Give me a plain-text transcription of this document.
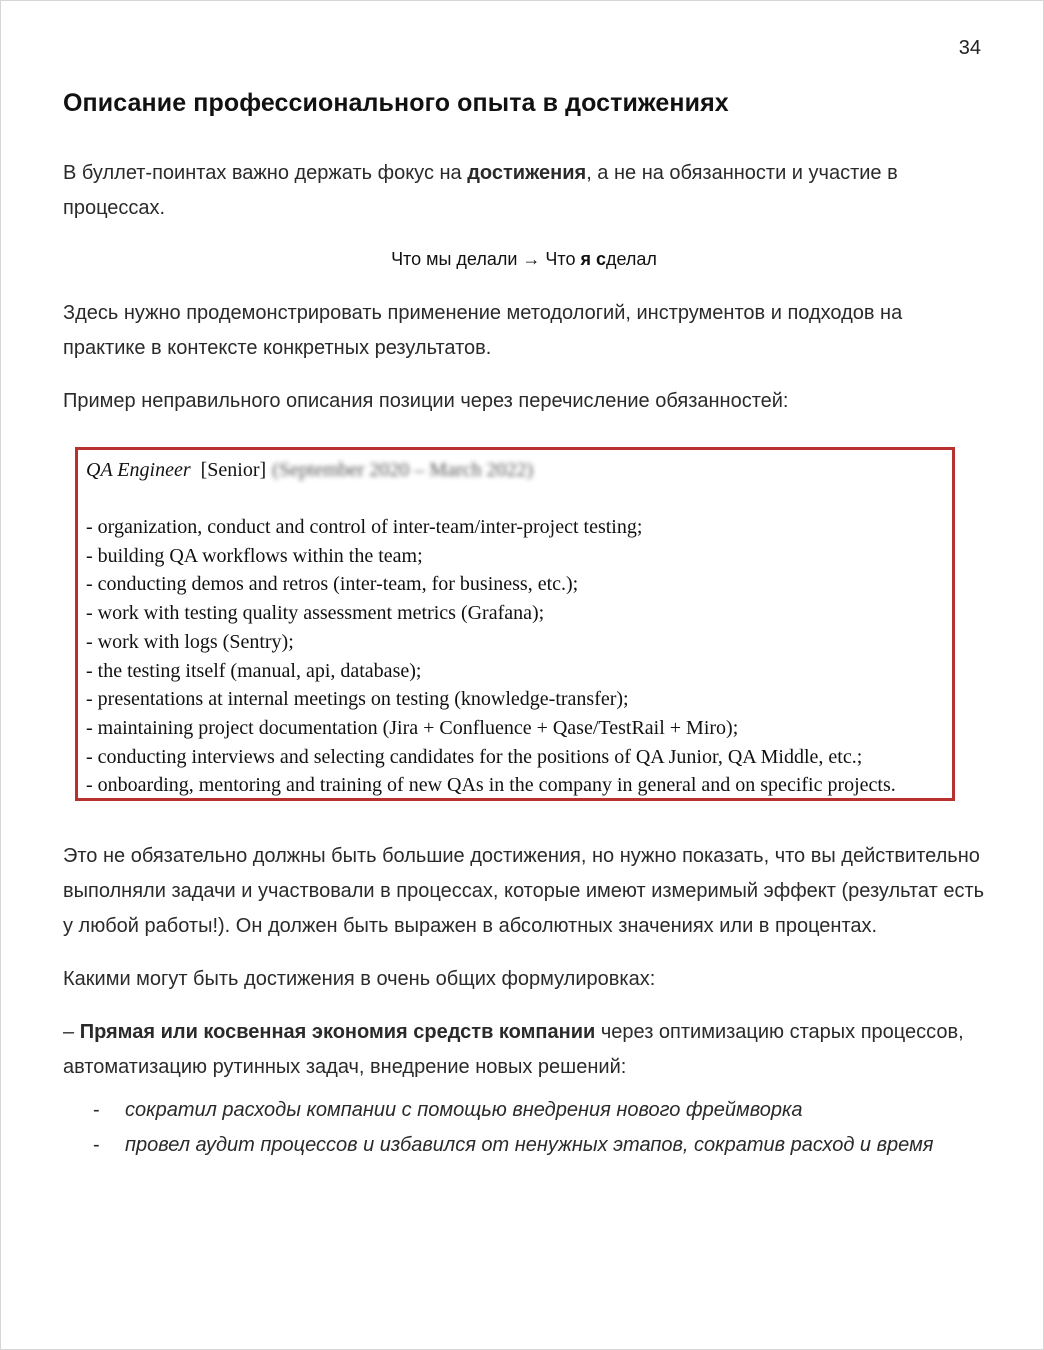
34
Описание профессионального опыта в достижениях

В буллет-поинтах важно держать фокус на достижения, а не на обязанности и участие в процессах.

Что мы делали → Что я сделал

Здесь нужно продемонстрировать применение методологий, инструментов и подходов на практике в контексте конкретных результатов.

Пример неправильного описания позиции через перечисление обязанностей:

QA Engineer [Senior] (September 2020 – March 2022)
- organization, conduct and control of inter-team/inter-project testing;
- building QA workflows within the team;
- conducting demos and retros (inter-team, for business, etc.);
- work with testing quality assessment metrics (Grafana);
- work with logs (Sentry);
- the testing itself (manual, api, database);
- presentations at internal meetings on testing (knowledge-transfer);
- maintaining project documentation (Jira + Confluence + Qase/TestRail + Miro);
- conducting interviews and selecting candidates for the positions of QA Junior, QA Middle, etc.;
- onboarding, mentoring and training of new QAs in the company in general and on specific projects.

Это не обязательно должны быть большие достижения, но нужно показать, что вы действительно выполняли задачи и участвовали в процессах, которые имеют измеримый эффект (результат есть у любой работы!). Он должен быть выражен в абсолютных значениях или в процентах.

Какими могут быть достижения в очень общих формулировках:

– Прямая или косвенная экономия средств компании через оптимизацию старых процессов, автоматизацию рутинных задач, внедрение новых решений:

- сократил расходы компании с помощью внедрения нового фреймворка
- провел аудит процессов и избавился от ненужных этапов, сократив расход и время
